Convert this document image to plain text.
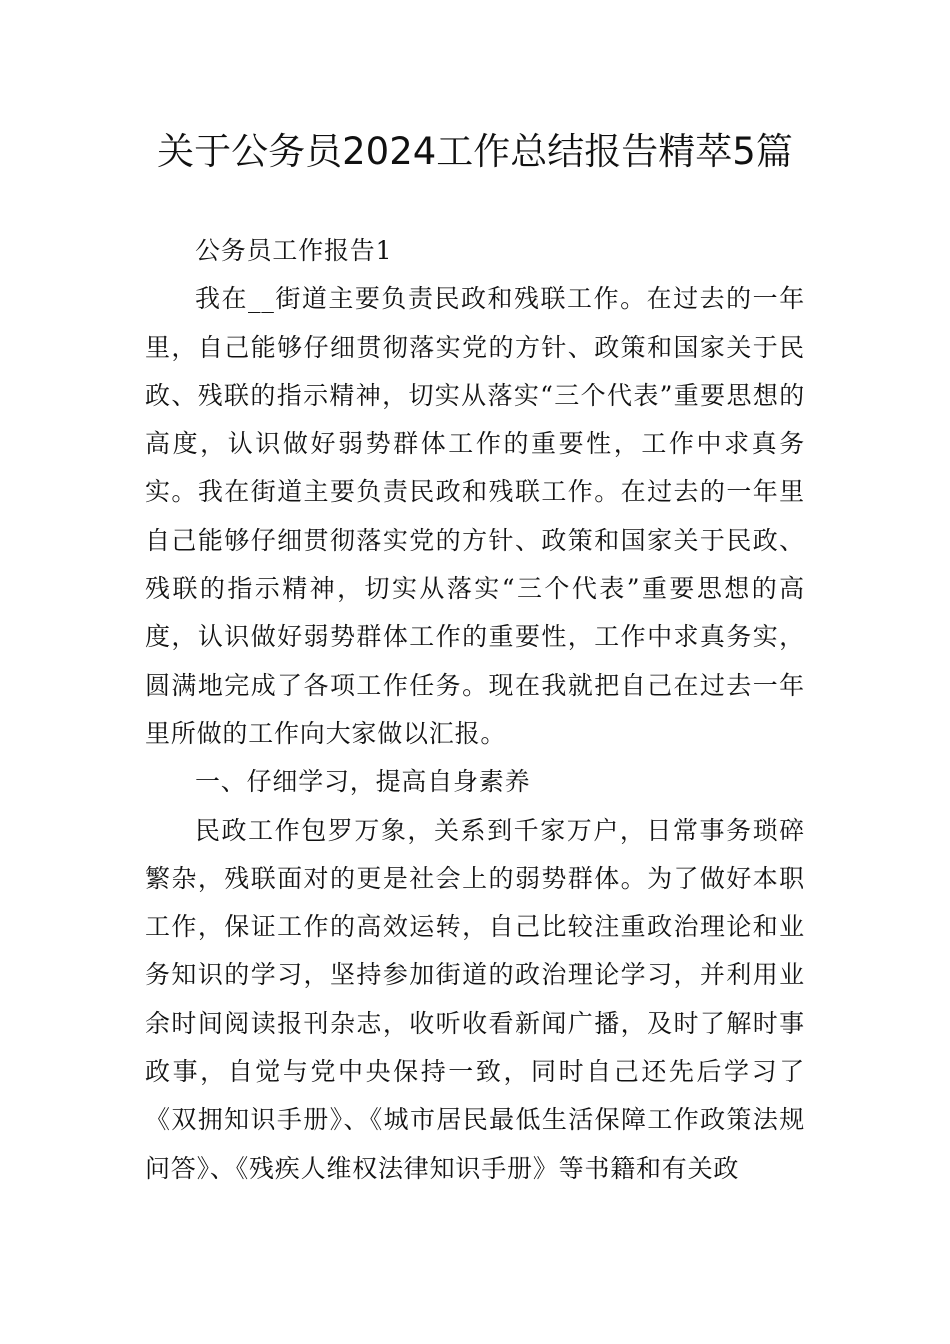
关于公务员2024工作总结报告精萃5篇

公务员工作报告1

我在__街道主要负责民政和残联工作。在过去的一年里，自己能够仔细贯彻落实党的方针、政策和国家关于民政、残联的指示精神，切实从落实“三个代表”重要思想的高度，认识做好弱势群体工作的重要性，工作中求真务实。我在街道主要负责民政和残联工作。在过去的一年里自己能够仔细贯彻落实党的方针、政策和国家关于民政、残联的指示精神，切实从落实“三个代表”重要思想的高度，认识做好弱势群体工作的重要性，工作中求真务实，圆满地完成了各项工作任务。现在我就把自己在过去一年里所做的工作向大家做以汇报。

一、仔细学习，提高自身素养

民政工作包罗万象，关系到千家万户，日常事务琐碎繁杂，残联面对的更是社会上的弱势群体。为了做好本职工作，保证工作的高效运转，自己比较注重政治理论和业务知识的学习，坚持参加街道的政治理论学习，并利用业余时间阅读报刊杂志，收听收看新闻广播，及时了解时事政事，自觉与党中央保持一致，同时自己还先后学习了《双拥知识手册》、《城市居民最低生活保障工作政策法规问答》、《残疾人维权法律知识手册》等书籍和有关政
